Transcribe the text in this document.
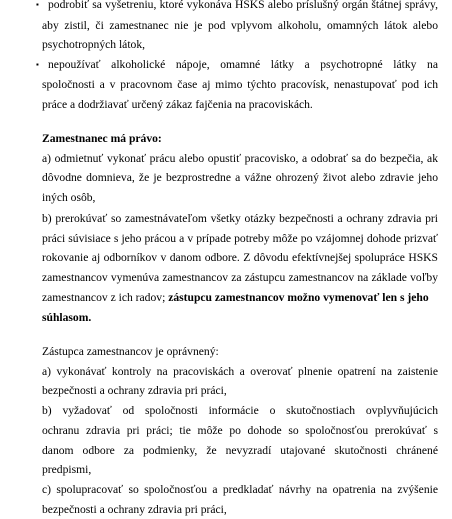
▪ podrobiť sa vyšetreniu, ktoré vykonáva HSKS alebo príslušný orgán štátnej správy,
aby zistil, či zamestnanec nie je pod vplyvom alkoholu, omamných látok alebo
psychotropných látok,
▪ nepoužívať alkoholické nápoje, omamné látky a psychotropné látky na
spoločnosti a v pracovnom čase aj mimo týchto pracovísk, nenastupovať pod ich
práce a dodržiavať určený zákaz fajčenia na pracoviskách.
Zamestnanec má právo:
a) odmietnuť vykonať prácu alebo opustiť pracovisko, a odobrať sa do bezpečia, ak
dôvodne domnieva, že je bezprostredne a vážne ohrozený život alebo zdravie jeho
iných osôb,
b) prerokúvať so zamestnávateľom všetky otázky bezpečnosti a ochrany zdravia pri
práci súvisiace s jeho prácou a v prípade potreby môže po vzájomnej dohode prizvať
rokovanie aj odborníkov v danom odbore. Z dôvodu efektívnejšej spolupráce HSKS
zamestnancov vymenúva zamestnancov za zástupcu zamestnancov na základe voľby
zamestnancov z ich radov; zástupcu zamestnancov možno vymenovať len s jeho
súhlasom.
Zástupca zamestnancov je oprávnený:
a) vykonávať kontroly na pracoviskách a overovať plnenie opatrení na zaistenie
bezpečnosti a ochrany zdravia pri práci,
b) vyžadovať od spoločnosti informácie o skutočnostiach ovplyvňujúcich
ochranu zdravia pri práci; tie môže po dohode so spoločnosťou prerokúvať s
danom odbore za podmienky, že nevyzradí utajované skutočnosti chránené
predpismi,
c) spolupracovať so spoločnosťou a predkladať návrhy na opatrenia na zvýšenie
bezpečnosti a ochrany zdravia pri práci,
